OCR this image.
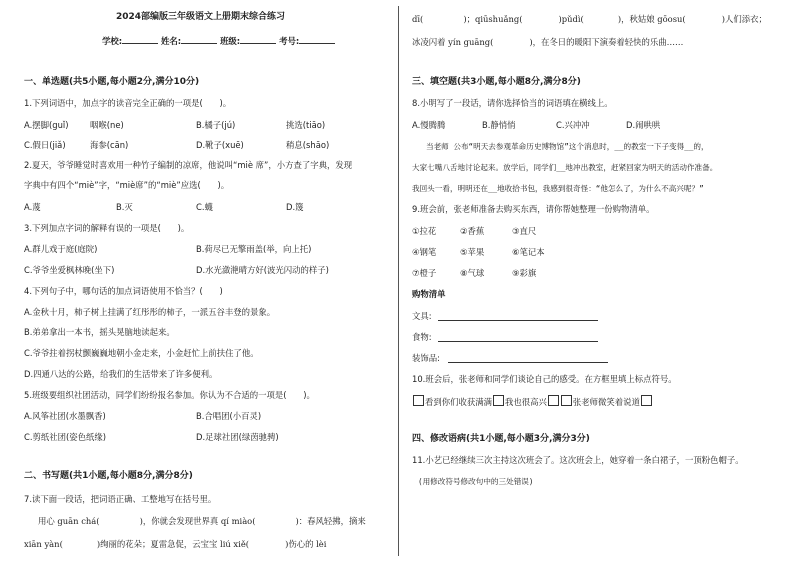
2024部编版三年级语文上册期末综合练习
学校:	姓名:	班级:	考号:
一、单选题(共5小题,每小题2分,满分10分)
1.下列词语中，加点字的读音完全正确的一项是(　　)。
A.摆脚(guǐ)	咽喉(ne)	B.橘子(jú)	挑选(tiāo)
C.假日(jiǎ)	海参(cān)	D.靴子(xuē)	稍息(shāo)
2.夏天，爷爷睡觉时喜欢用一种竹子编制的凉席，他说叫“miè 席”，小方查了字典，发现
字典中有四个“miè”字，“miè席”的“miè”应选(　　)。
A.蔑	B.灭	C.蠛	D.篾
3.下列加点字词的解释有误的一项是(　　)。
A.群儿戏于庭(庭院)	B.荷尽已无擎雨盖(举，向上托)
C.爷爷坐爱枫林晚(坐下)	D.水光潋滟晴方好(波光闪动的样子)
4.下列句子中，哪句话的加点词语使用不恰当？(　　)
A.金秋十月，柿子树上挂满了红彤彤的柿子，一派五谷丰登的景象。
B.弟弟拿出一本书，摇头晃脑地读起来。
C.爷爷拄着拐杖颤巍巍地朝小金走来，小金赶忙上前扶住了他。
D.四通八达的公路，给我们的生活带来了许多便利。
5.班级要组织社团活动，同学们纷纷报名参加。你认为不合适的一项是(　　)。
A.风筝社团(水墨飘香)	B.合唱团(小百灵)
C.剪纸社团(姿色纸缘)	D.足球社团(绿茵驰骋)
二、书写题(共1小题,每小题8分,满分8分)
7.读下面一段话，把词语正确、工整地写在括号里。
用心 guān chá(	)，你就会发现世界真 qí miào(	)：春风轻拂，摘来
xiān yàn(	)绚丽的花朵；夏雷急促，云宝宝 liú xiě(	)伤心的 lèi
dī(	)；qiūshuǎng(	)pǔdì(	)，秋姑娘 gōosu(	)人们添衣；
冰凌闪着 yín guāng(	)，在冬日的暖阳下演奏着轻快的乐曲……
三、填空题(共3小题,每小题8分,满分8分)
8.小明写了一段话，请你选择恰当的词语填在横线上。
A.慢腾腾	B.静悄悄	C.兴冲冲	D.闹哄哄
当老师 公布“明天去参观革命历史博物馆”这个消息时，__的教室一下子变得__的，
大家七嘴八舌地讨论起来。放学后，同学们__地冲出教室，赶紧回家为明天的活动作准备。
我回头一看，明明还在__地收拾书包，我感到很奇怪：“他怎么了，为什么不高兴呢？”
9.班会前，张老师准备去购买东西，请你帮她整理一份购物清单。
①拉花	②香蕉	③直尺
④钢笔	⑤苹果	⑥笔记本
⑦橙子	⑧气球	⑨彩旗
购物清单
文具:
食物:
装饰品:
10.班会后，张老师和同学们谈论自己的感受。在方框里填上标点符号。
看到你们收获满满 我也很高兴	张老师微笑着说道
四、修改语病(共1小题,每小题3分,满分3分)
11.小艺已经继续三次主持这次班会了。这次班会上，她穿着一条白裙子，一顶粉色帽子。
(用修改符号修改句中的三处错误)
